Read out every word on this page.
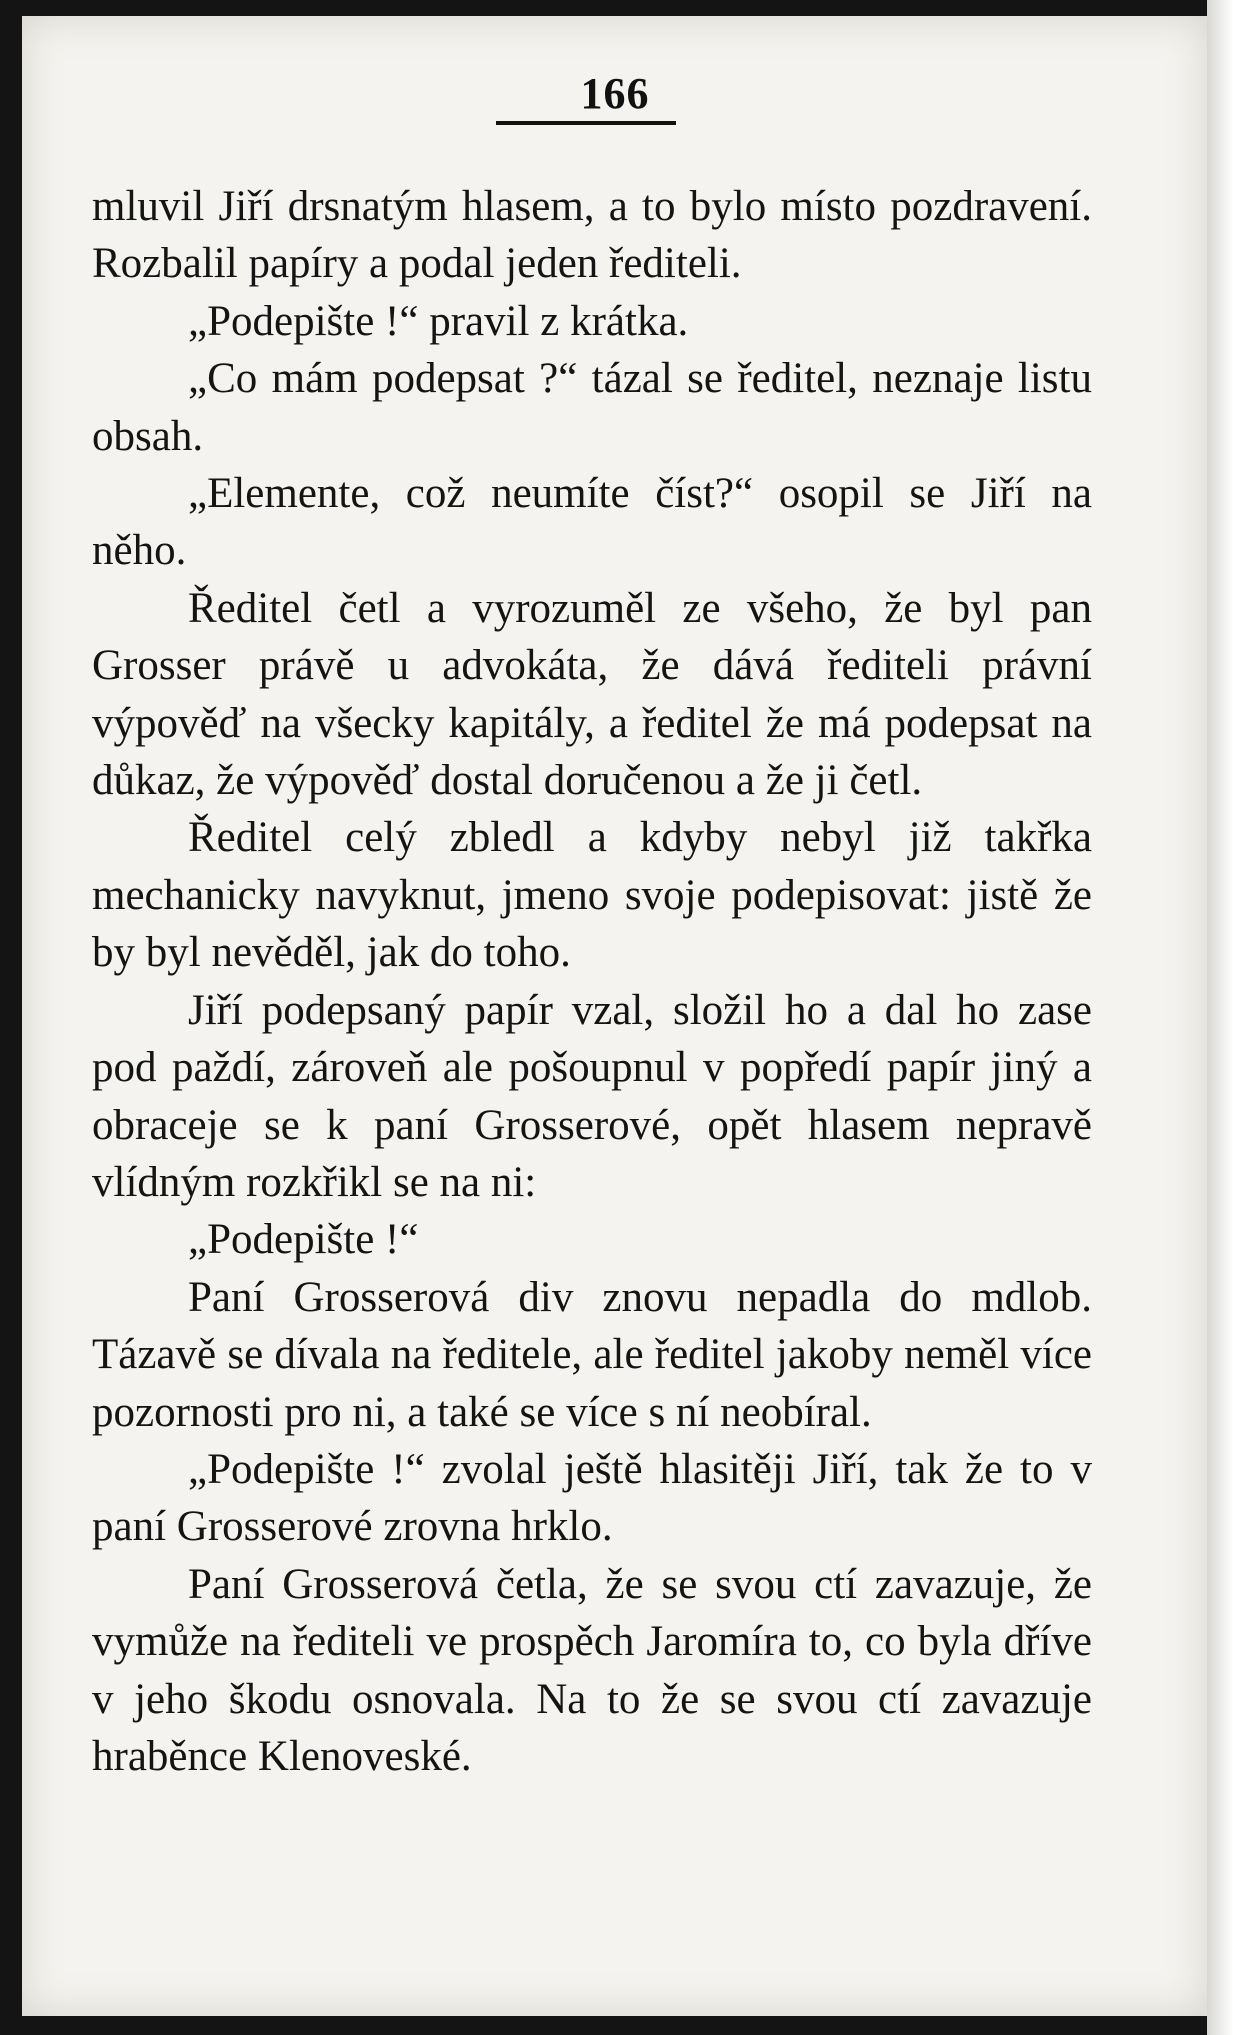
166

mluvil Jiří drsnatým hlasem, a to bylo místo pozdravení. Rozbalil papíry a podal jeden řediteli.

„Podepište !“ pravil z krátka.

„Co mám podepsat ?“ tázal se ředitel, neznaje listu obsah.

„Elemente, což neumíte číst?“ osopil se Jiří na něho.

Ředitel četl a vyrozuměl ze všeho, že byl pan Grosser právě u advokáta, že dává řediteli právní výpověď na všecky kapitály, a ředitel že má podepsat na důkaz, že výpověď dostal doručenou a že ji četl.

Ředitel celý zbledl a kdyby nebyl již takřka mechanicky navyknut, jmeno svoje podepisovat: jistě že by byl nevěděl, jak do toho.

Jiří podepsaný papír vzal, složil ho a dal ho zase pod paždí, zároveň ale pošoupnul v popředí papír jiný a obraceje se k paní Grosserové, opět hlasem nepravě vlídným rozkřikl se na ni:

„Podepište !“

Paní Grosserová div znovu nepadla do mdlob. Tázavě se dívala na ředitele, ale ředitel jakoby neměl více pozornosti pro ni, a také se více s ní neobíral.

„Podepište !“ zvolal ještě hlasitěji Jiří, tak že to v paní Grosserové zrovna hrklo.

Paní Grosserová četla, že se svou ctí zavazuje, že vymůže na řediteli ve prospěch Jaromíra to, co byla dříve v jeho škodu osnovala. Na to že se svou ctí zavazuje hraběnce Klenoveské.
